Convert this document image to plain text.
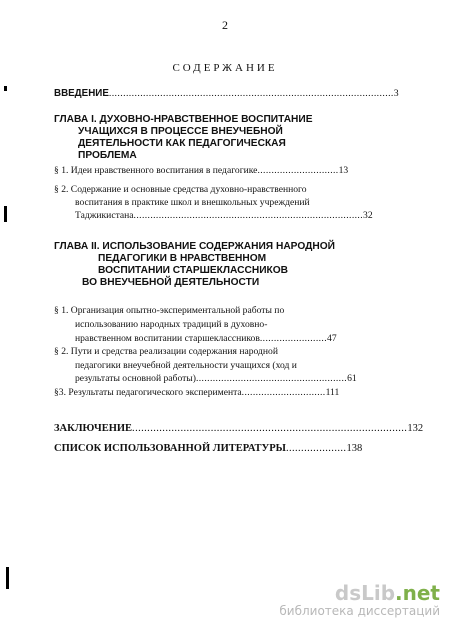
2
СОДЕРЖАНИЕ
ВВЕДЕНИЕ....................................................................................................3
ГЛАВА I. ДУХОВНО-НРАВСТВЕННОЕ ВОСПИТАНИЕ
УЧАЩИХСЯ В ПРОЦЕССЕ ВНЕУЧЕБНОЙ
ДЕЯТЕЛЬНОСТИ КАК ПЕДАГОГИЧЕСКАЯ
ПРОБЛЕМА
§ 1. Идеи нравственного воспитания в педагогике.............................13
§ 2. Содержание и основные средства духовно-нравственного
воспитания в практике школ и внешкольных учреждений
Таджикистана..................................................................................32
ГЛАВА II. ИСПОЛЬЗОВАНИЕ СОДЕРЖАНИЯ НАРОДНОЙ
ПЕДАГОГИКИ В НРАВСТВЕННОМ
ВОСПИТАНИИ СТАРШЕКЛАССНИКОВ
ВО ВНЕУЧЕБНОЙ ДЕЯТЕЛЬНОСТИ
§ 1. Организация опытно-экспериментальной работы по
использованию народных традиций в духовно-
нравственном воспитании старшеклассников........................47
§ 2. Пути и средства реализации содержания народной
педагогики внеучебной деятельности учащихся (ход и
результаты основной работы)......................................................61
§3. Результаты педагогического эксперимента..............................111
ЗАКЛЮЧЕНИЕ...........................................................................................132
СПИСОК ИСПОЛЬЗОВАННОЙ ЛИТЕРАТУРЫ....................138
dsLib.net
библиотека диссертаций
